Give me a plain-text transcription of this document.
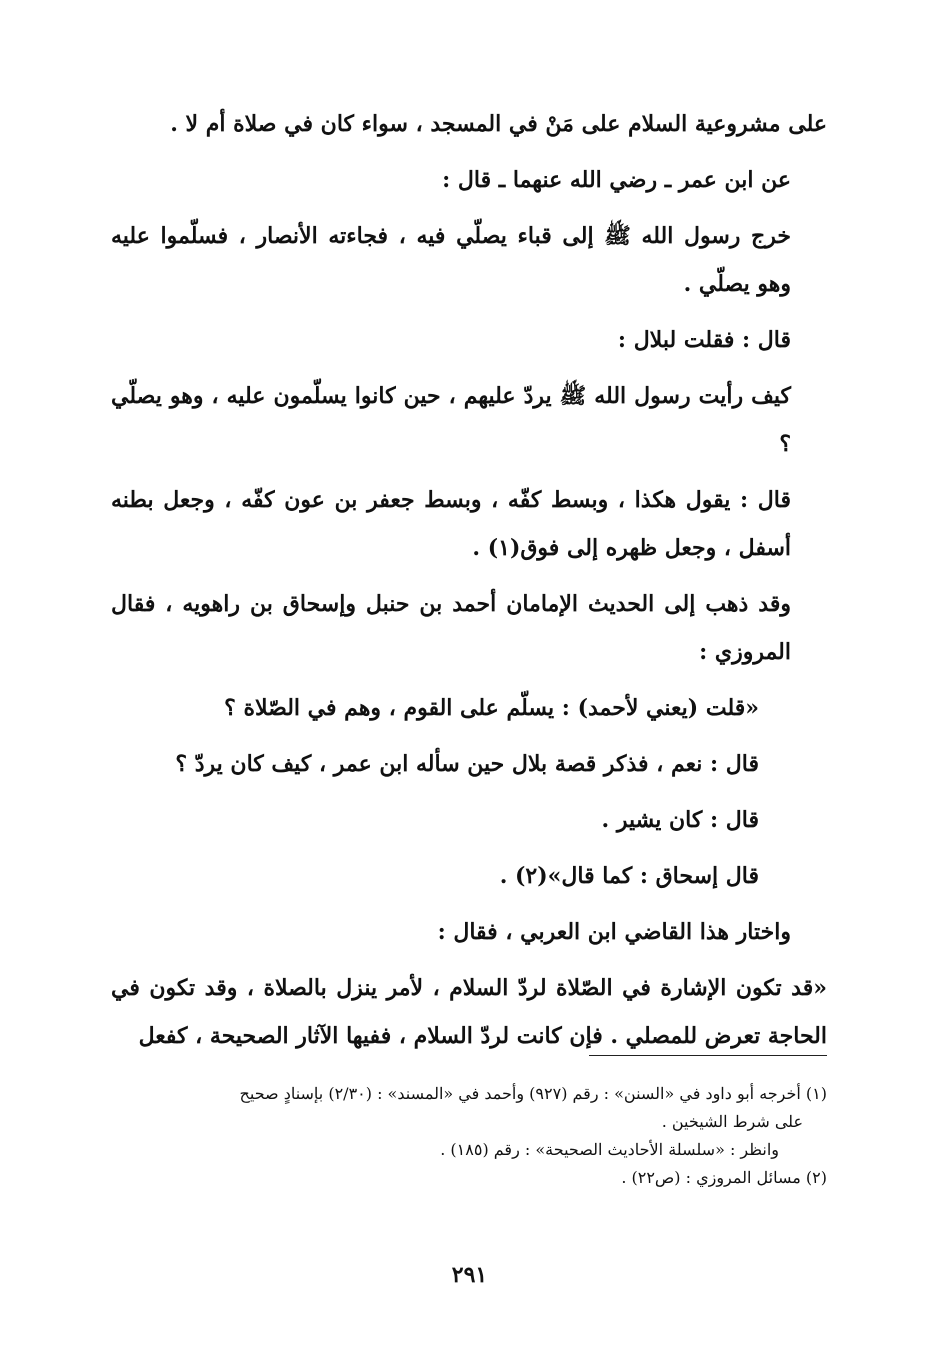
على مشروعية السلام على مَنْ في المسجد ، سواء كان في صلاة أم لا .

عن ابن عمر ـ رضي الله عنهما ـ قال :

خرج رسول الله ﷺ إلى قباء يصلّي فيه ، فجاءته الأنصار ، فسلّموا عليه وهو يصلّي .

قال : فقلت لبلال :

كيف رأيت رسول الله ﷺ يردّ عليهم ، حين كانوا يسلّمون عليه ، وهو يصلّي ؟

قال : يقول هكذا ، وبسط كفّه ، وبسط جعفر بن عون كفّه ، وجعل بطنه أسفل ، وجعل ظهره إلى فوق(١) .

وقد ذهب إلى الحديث الإمامان أحمد بن حنبل وإسحاق بن راهويه ، فقال المروزي :

«قلت (يعني لأحمد) : يسلّم على القوم ، وهم في الصّلاة ؟

قال : نعم ، فذكر قصة بلال حين سأله ابن عمر ، كيف كان يردّ ؟

قال : كان يشير .

قال إسحاق : كما قال»(٢) .

واختار هذا القاضي ابن العربي ، فقال :

«قد تكون الإشارة في الصّلاة لردّ السلام ، لأمر ينزل بالصلاة ، وقد تكون في الحاجة تعرض للمصلي . فإن كانت لردّ السلام ، ففيها الآثار الصحيحة ، كفعل

(١) أخرجه أبو داود في «السنن» : رقم (٩٢٧) وأحمد في «المسند» : (٢/٣٠) بإسنادٍ صحيح

على شرط الشيخين .

وانظر : «سلسلة الأحاديث الصحيحة» : رقم (١٨٥) .

(٢) مسائل المروزي : (ص٢٢) .

٢٩١
